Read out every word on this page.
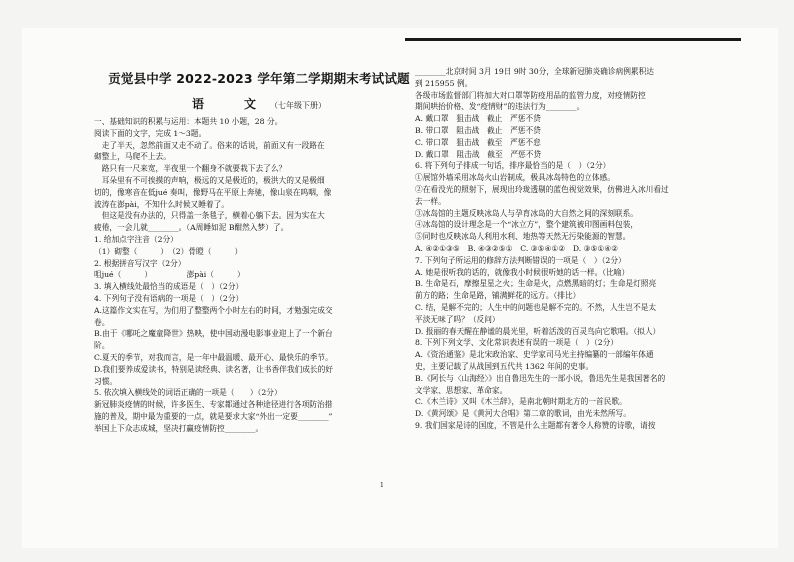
贡觉县中学 2022-2023 学年第二学期期末考试试题
语　文（七年级下册）
一、基础知识的积累与运用：本题共 10 小题，28 分。
阅读下面的文字，完成 1～3题。
　走了半天，忽然前面又走不动了。俗来的话说，前面又有一段路在
砌整上，马爬不上去。
　路只有一尺来宽，半夜里一个翻身不就要栽下去了么？
　耳朵里有不可挨摸的声响，极远的又是极近的，极洪大的又是极细
切的，像寒音在低jué 奏叫，像野马在平原上奔驰，像山泉在呜咽，像
波涛在澎pài，不知什么时候又睡着了。
　但这是没有办法的，只得盖一条毯子，横着心躺下去。因为实在大
疲倦，一会儿就________。（A周睡如泥 B酣然入梦）了。
1. 给加点字注音（2分）
（1）砌整（　　　）　（2）骨瞪（　　　）
2. 根据拼音写汉字（2分）
咀jué（　　　）　　　　　澎pài（　　　）
3. 填入横线处最恰当的成语是（　）（2分）
4. 下列句子没有语病的一项是（　）（2分）
A.这篇作文实在写，为们用了整整两个小时左右的时间，才勉强完成交
卷。
B.由于《哪吒之魔童降世》热映，使中国动漫电影事业迎上了一个新台
阶。
C.夏天的季节，对我而言，是一年中最温暖、最开心、最快乐的季节。
D.我们要养成爱读书，特别是读经典、读名著，让书香伴我们成长的好
习惯。
5. 依次填入横线处的词语正确的一项是（　　）（2分）
新冠肺炎疫情的时候，许多医生、专家都通过各种途径进行各项防治措
施的普及，期中最为重要的一点，就是要求大家“外出一定要________”
举国上下众志成城，坚决打赢疫情防控________。
________北京时间 3月 19日 9时 30分，全球新冠肺炎确诊病例累积达
到 215955 例。
各级市场监督部门将加大对口罩等防疫用品的监管力度，对疫情防控
期间哄抬价格、发“疫情财”的违法行为________。
A. 戴口罩　狙击战　截止　严惩不贷
B. 带口罩　阻击战　截止　严惩不贷
C. 带口罩　狙击战　截至　严惩不怠
D. 戴口罩　阻击战　截至　严惩不贷
6. 将下列句子排成一句话，排序最恰当的是（　）（2分）
①展馆外墙采用冰岛火山岩制成，极具冰岛特色的立体感。
②在看没光的照射下，展现出玲珑透剔的蓝色视觉效果，仿佛进入冰川看过
去一样。
③冰岛馆的主题反映冰岛人与孕育冰岛的大自然之间的深刻联系。
④冰岛馆的设计理念是一个“冰立方”，整个建筑被印图画料包装，
⑤同时也反映冰岛人利用水利、地热等天然无污染能源的智慧。
A. ④②①③⑤　B. ④③②⑤①　C. ③⑤④①②　D. ③⑤①④②
7. 下列句子所运用的修辞方法判断错误的一项是（　）（2分）
A. 她是很听我的话的，就像我小时候很听她的话一样。（比喻）
B. 生命是石，摩擦星星之火；生命是火，点燃黑暗的灯；生命是灯照亮
前方的路；生命是路，铺满鲜花的远方。（排比）
C. 结，是解不完的；人生中的问题也是解不完的。不然，人生岂不是太
平淡无味了吗？（反问）
D. 报丽的春天醒在静谧的晨光里，听着活泼的百灵鸟向它歌唱。（拟人）
8. 下列下列文学、文化常识表述有误的一项是（　）（2分）
A.《资治通鉴》是北宋政治家、史学家司马光主持编纂的一部编年体通
史，主要记载了从战国到五代共 1362 年间的史事。
B.《阿长与〈山海经〉》出自鲁迅先生的一部小说，鲁迅先生是我国著名的
文学家、思想家、革命家。
C.《木兰诗》又叫《木兰辞》，是南北朝时期北方的一首民歌。
D.《黄河颂》是《黄河大合唱》第二章的歌词，由光未然所写。
9. 我们国家是诗的国度，不管是什么主题都有著令人称赞的诗歌，请按
1
